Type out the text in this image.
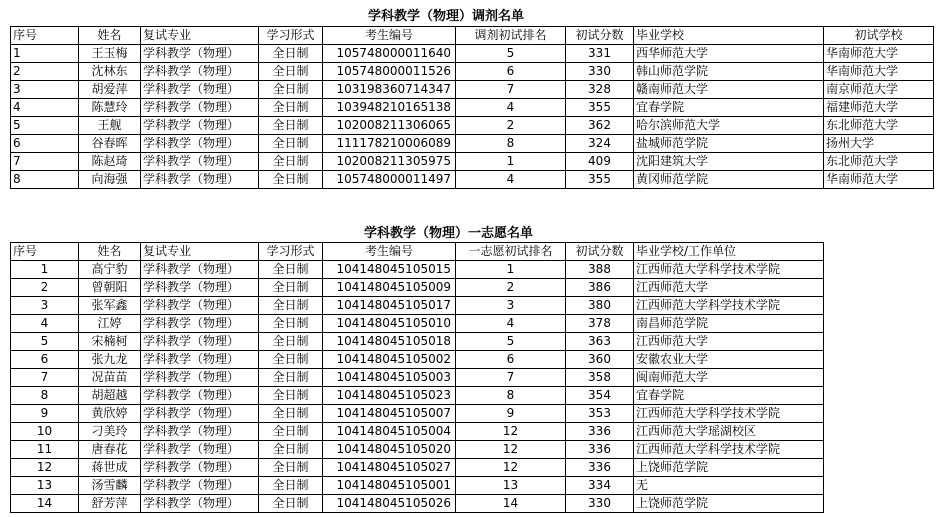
学科教学（物理）调剂名单
序号	姓名	复试专业	学习形式	考生编号	调剂初试排名	初试分数	毕业学校	初试学校
1	王玉梅	学科教学（物理）	全日制	105748000011640	5	331	西华师范大学	华南师范大学
2	沈林东	学科教学（物理）	全日制	105748000011526	6	330	韩山师范学院	华南师范大学
3	胡爱萍	学科教学（物理）	全日制	103198360714347	7	328	赣南师范大学	南京师范大学
4	陈慧玲	学科教学（物理）	全日制	103948210165138	4	355	宜春学院	福建师范大学
5	王舰	学科教学（物理）	全日制	102008211306065	2	362	哈尔滨师范大学	东北师范大学
6	谷春晖	学科教学（物理）	全日制	111178210006089	8	324	盐城师范学院	扬州大学
7	陈赵琦	学科教学（物理）	全日制	102008211305975	1	409	沈阳建筑大学	东北师范大学
8	向海强	学科教学（物理）	全日制	105748000011497	4	355	黄冈师范学院	华南师范大学
学科教学（物理）一志愿名单
序号	姓名	复试专业	学习形式	考生编号	一志愿初试排名	初试分数	毕业学校/工作单位
1	高宁豹	学科教学（物理）	全日制	104148045105015	1	388	江西师范大学科学技术学院
2	曾朝阳	学科教学（物理）	全日制	104148045105009	2	386	江西师范大学
3	张军鑫	学科教学（物理）	全日制	104148045105017	3	380	江西师范大学科学技术学院
4	江婷	学科教学（物理）	全日制	104148045105010	4	378	南昌师范学院
5	宋楠柯	学科教学（物理）	全日制	104148045105018	5	363	江西师范大学
6	张九龙	学科教学（物理）	全日制	104148045105002	6	360	安徽农业大学
7	况苗苗	学科教学（物理）	全日制	104148045105003	7	358	闽南师范大学
8	胡超越	学科教学（物理）	全日制	104148045105023	8	354	宜春学院
9	黄欣婷	学科教学（物理）	全日制	104148045105007	9	353	江西师范大学科学技术学院
10	刁美玲	学科教学（物理）	全日制	104148045105004	12	336	江西师范大学瑶湖校区
11	唐春花	学科教学（物理）	全日制	104148045105020	12	336	江西师范大学科学技术学院
12	蒋世成	学科教学（物理）	全日制	104148045105027	12	336	上饶师范学院
13	汤雪麟	学科教学（物理）	全日制	104148045105001	13	334	无
14	舒芳萍	学科教学（物理）	全日制	104148045105026	14	330	上饶师范学院
